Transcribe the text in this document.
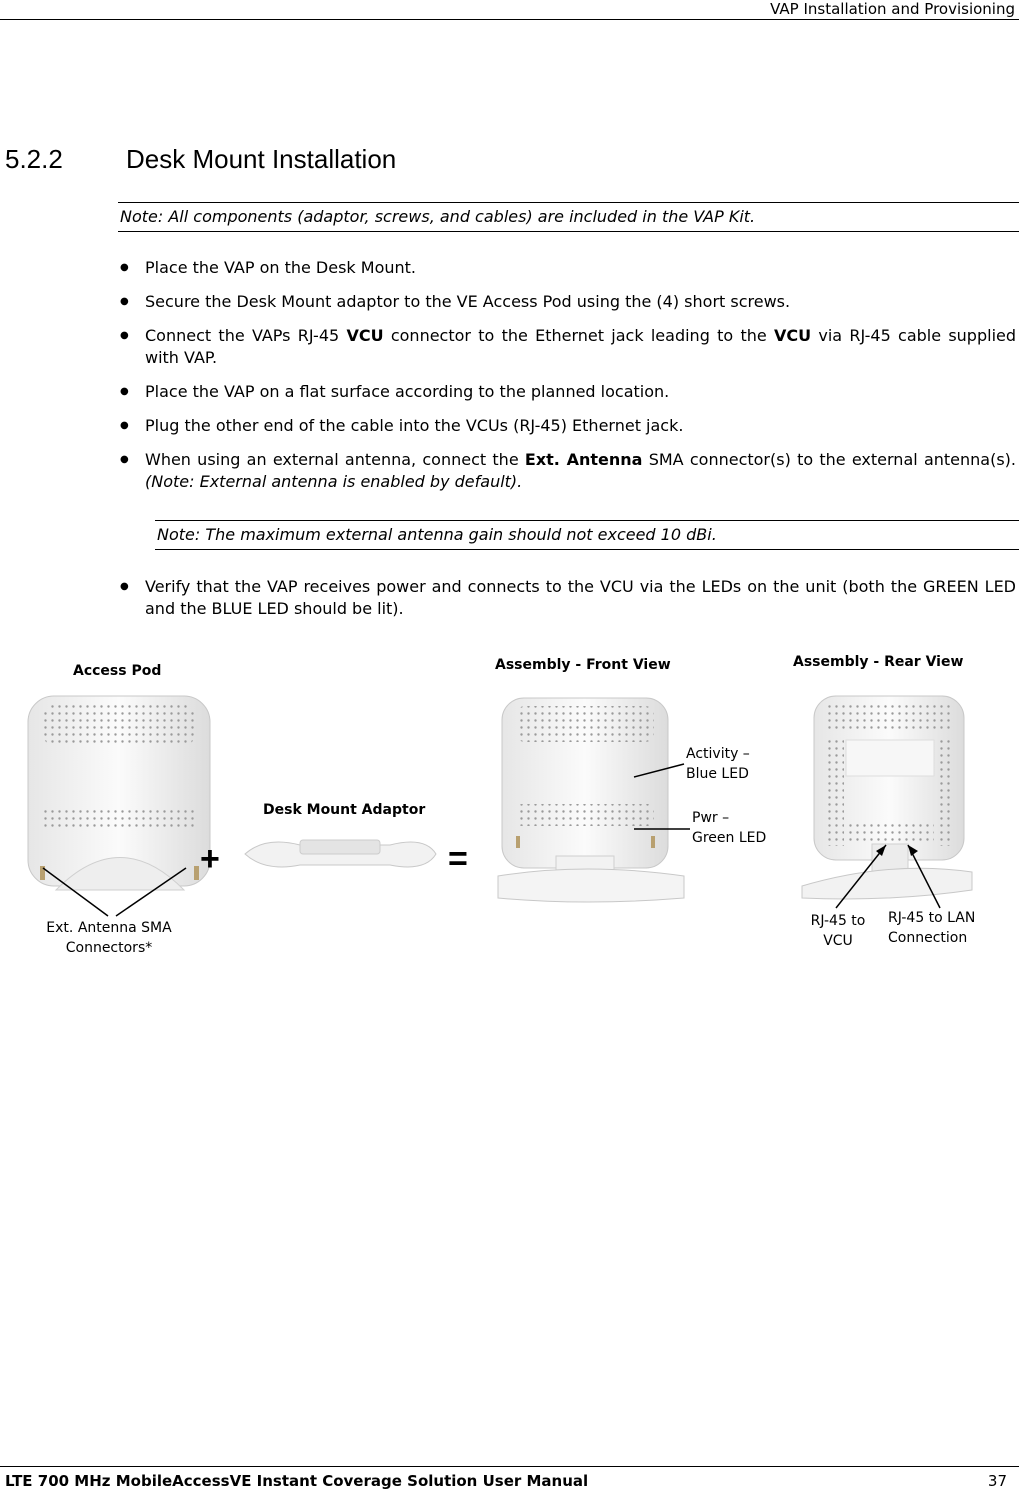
VAP Installation and Provisioning
5.2.2 Desk Mount Installation
Note: All components (adaptor, screws, and cables) are included in the VAP Kit.
● Place the VAP on the Desk Mount.
● Secure the Desk Mount adaptor to the VE Access Pod using the (4) short screws.
● Connect the VAPs RJ-45 VCU connector to the Ethernet jack leading to the VCU via RJ-45 cable supplied with VAP.
● Place the VAP on a flat surface according to the planned location.
● Plug the other end of the cable into the VCUs (RJ-45) Ethernet jack.
● When using an external antenna, connect the Ext. Antenna SMA connector(s) to the external antenna(s). (Note: External antenna is enabled by default).
Note: The maximum external antenna gain should not exceed 10 dBi.
● Verify that the VAP receives power and connects to the VCU via the LEDs on the unit (both the GREEN LED and the BLUE LED should be lit).
Access Pod
Desk Mount Adaptor
Assembly - Front View	Assembly - Rear View
+	=
Ext. Antenna SMA
Connectors*
Activity –
Blue LED
Pwr –
Green LED
RJ-45 to
VCU
RJ-45 to LAN
Connection
LTE 700 MHz MobileAccessVE Instant Coverage Solution User Manual	37
